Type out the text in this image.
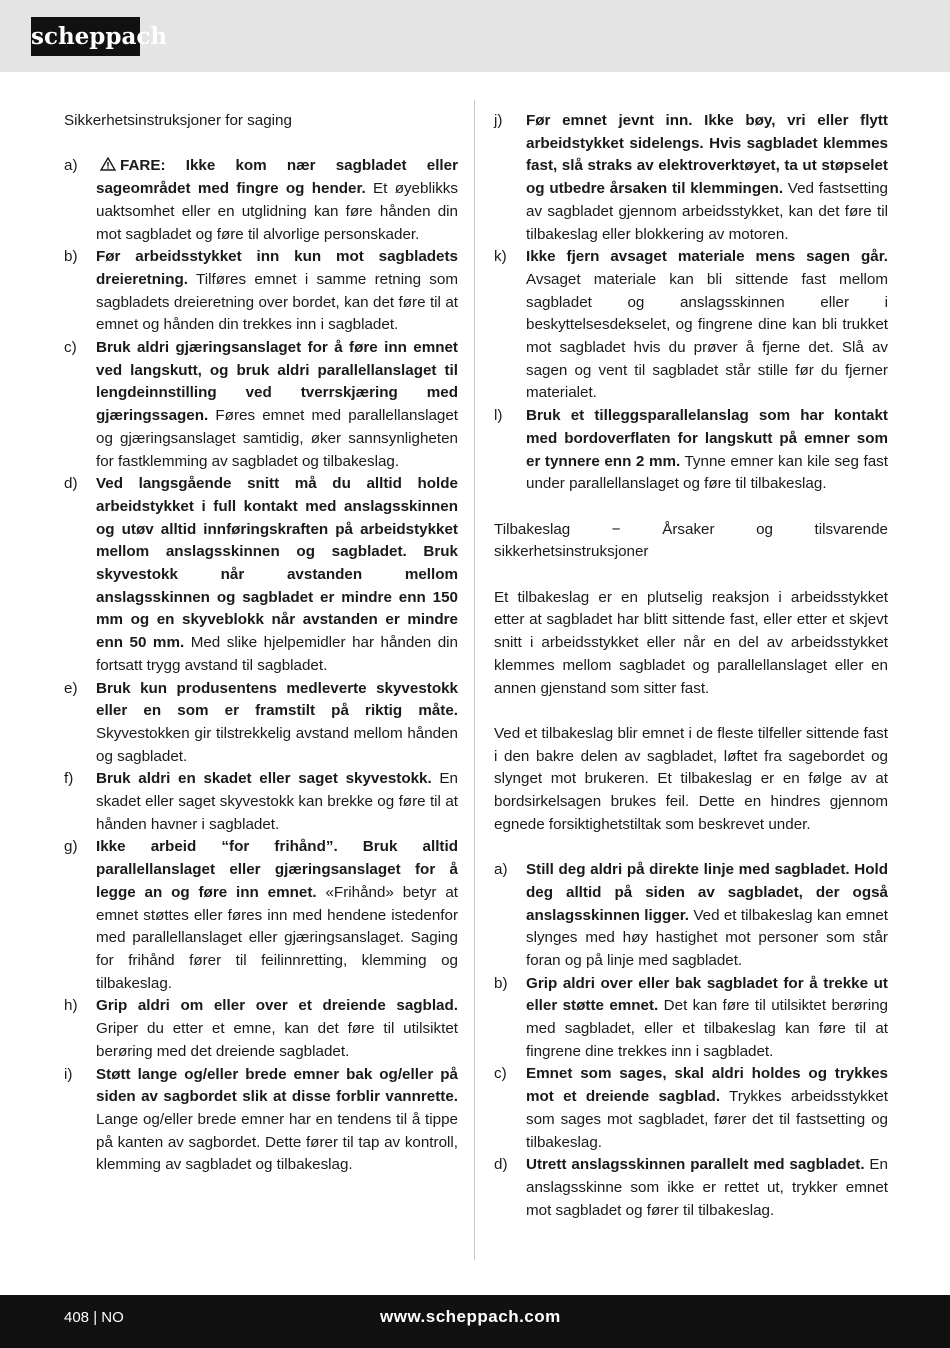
scheppach
Sikkerhetsinstruksjoner for saging
a)	FARE: Ikke kom nær sagbladet eller sageområdet med fingre og hender. Et øyeblikks uaktsomhet eller en utglidning kan føre hånden din mot sagbladet og føre til alvorlige personskader.
b) Før arbeidsstykket inn kun mot sagbladets dreieretning. Tilføres emnet i samme retning som sagbladets dreieretning over bordet, kan det føre til at emnet og hånden din trekkes inn i sagbladet.
c) Bruk aldri gjæringsanslaget for å føre inn emnet ved langskutt, og bruk aldri parallellanslaget til lengdeinnstilling ved tverrskjæring med gjæringssagen. Føres emnet med parallellanslaget og gjæringsanslaget samtidig, øker sannsynligheten for fastklemming av sagbladet og tilbakeslag.
d) Ved langsgående snitt må du alltid holde arbeidstykket i full kontakt med anslagsskinnen og utøv alltid innføringskraften på arbeidstykket mellom anslagsskinnen og sagbladet. Bruk skyvestokk når avstanden mellom anslagsskinnen og sagbladet er mindre enn 150 mm og en skyveblokk når avstanden er mindre enn 50 mm. Med slike hjelpemidler har hånden din fortsatt trygg avstand til sagbladet.
e) Bruk kun produsentens medleverte skyvestokk eller en som er framstilt på riktig måte. Skyvestokken gir tilstrekkelig avstand mellom hånden og sagbladet.
f) Bruk aldri en skadet eller saget skyvestokk. En skadet eller saget skyvestokk kan brekke og føre til at hånden havner i sagbladet.
g) Ikke arbeid “for frihånd”. Bruk alltid parallellanslaget eller gjæringsanslaget for å legge an og føre inn emnet. «Frihånd» betyr at emnet støttes eller føres inn med hendene istedenfor med parallellanslaget eller gjæringsanslaget. Saging for frihånd fører til feilinnretting, klemming og tilbakeslag.
h) Grip aldri om eller over et dreiende sagblad. Griper du etter et emne, kan det føre til utilsiktet berøring med det dreiende sagbladet.
i) Støtt lange og/eller brede emner bak og/eller på siden av sagbordet slik at disse forblir vannrette. Lange og/eller brede emner har en tendens til å tippe på kanten av sagbordet. Dette fører til tap av kontroll, klemming av sagbladet og tilbakeslag.
j) Før emnet jevnt inn. Ikke bøy, vri eller flytt arbeidstykket sidelengs. Hvis sagbladet klemmes fast, slå straks av elektroverktøyet, ta ut støpselet og utbedre årsaken til klemmingen. Ved fastsetting av sagbladet gjennom arbeidsstykket, kan det føre til tilbakeslag eller blokkering av motoren.
k) Ikke fjern avsaget materiale mens sagen går. Avsaget materiale kan bli sittende fast mellom sagbladet og anslagsskinnen eller i beskyttelsesdekselet, og fingrene dine kan bli trukket mot sagbladet hvis du prøver å fjerne det. Slå av sagen og vent til sagbladet står stille før du fjerner materialet.
l) Bruk et tilleggsparallelanslag som har kontakt med bordoverflaten for langskutt på emner som er tynnere enn 2 mm. Tynne emner kan kile seg fast under parallellanslaget og føre til tilbakeslag.
Tilbakeslag − Årsaker og tilsvarende sikkerhetsinstruksjoner
Et tilbakeslag er en plutselig reaksjon i arbeidsstykket etter at sagbladet har blitt sittende fast, eller etter et skjevt snitt i arbeidsstykket eller når en del av arbeidsstykket klemmes mellom sagbladet og parallellanslaget eller en annen gjenstand som sitter fast.
Ved et tilbakeslag blir emnet i de fleste tilfeller sittende fast i den bakre delen av sagbladet, løftet fra sagebordet og slynget mot brukeren. Et tilbakeslag er en følge av at bordsirkelsagen brukes feil. Dette en hindres gjennom egnede forsiktighetstiltak som beskrevet under.
a) Still deg aldri på direkte linje med sagbladet. Hold deg alltid på siden av sagbladet, der også anslagsskinnen ligger. Ved et tilbakeslag kan emnet slynges med høy hastighet mot personer som står foran og på linje med sagbladet.
b) Grip aldri over eller bak sagbladet for å trekke ut eller støtte emnet. Det kan føre til utilsiktet berøring med sagbladet, eller et tilbakeslag kan føre til at fingrene dine trekkes inn i sagbladet.
c) Emnet som sages, skal aldri holdes og trykkes mot et dreiende sagblad. Trykkes arbeidsstykket som sages mot sagbladet, fører det til fastsetting og tilbakeslag.
d) Utrett anslagsskinnen parallelt med sagbladet. En anslagsskinne som ikke er rettet ut, trykker emnet mot sagbladet og fører til tilbakeslag.
408 | NO	www.scheppach.com
